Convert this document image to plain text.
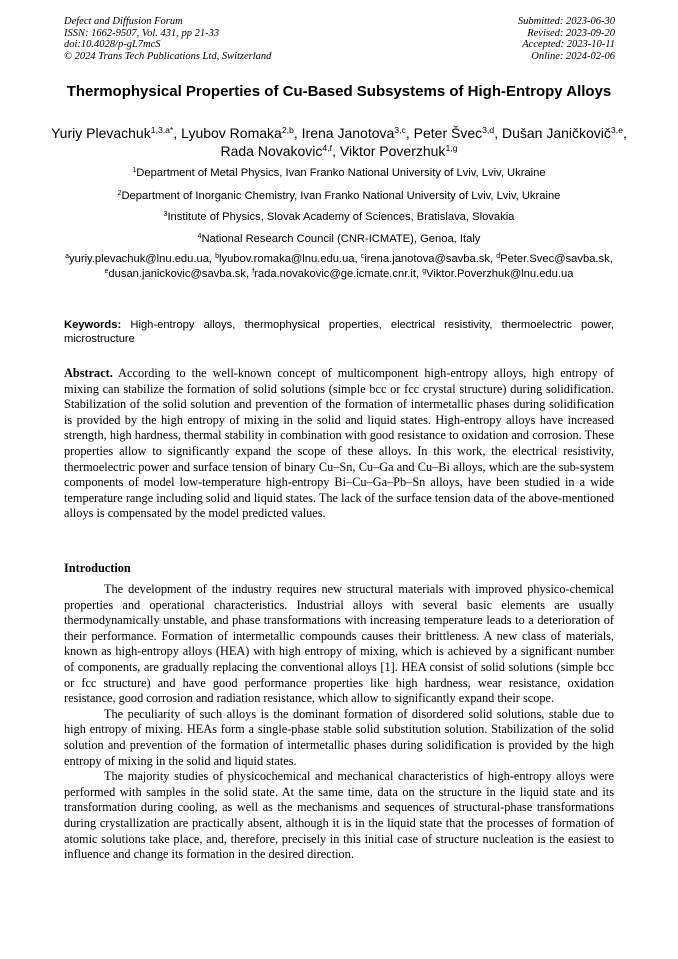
Defect and Diffusion Forum
ISSN: 1662-9507, Vol. 431, pp 21-33
doi:10.4028/p-gL7mcS
© 2024 Trans Tech Publications Ltd, Switzerland
Submitted: 2023-06-30
Revised: 2023-09-20
Accepted: 2023-10-11
Online: 2024-02-06
Thermophysical Properties of Cu-Based Subsystems of High-Entropy Alloys
Yuriy Plevachuk$^{1,3,a*}$, Lyubov Romaka$^{2,b}$, Irena Janotova$^{3,c}$, Peter Švec$^{3,d}$, Dušan Janičkovič$^{3,e}$, Rada Novakovic$^{4,f}$, Viktor Poverzhuk$^{1,g}$
$^1$Department of Metal Physics, Ivan Franko National University of Lviv, Lviv, Ukraine
$^2$Department of Inorganic Chemistry, Ivan Franko National University of Lviv, Lviv, Ukraine
$^3$Institute of Physics, Slovak Academy of Sciences, Bratislava, Slovakia
$^4$National Research Council (CNR-ICMATE), Genoa, Italy
$^a$yuriy.plevachuk@lnu.edu.ua, $^b$lyubov.romaka@lnu.edu.ua, $^c$irena.janotova@savba.sk, $^d$Peter.Svec@savba.sk, $^e$dusan.janickovic@savba.sk, $^f$rada.novakovic@ge.icmate.cnr.it, $^g$Viktor.Poverzhuk@lnu.edu.ua
Keywords: High-entropy alloys, thermophysical properties, electrical resistivity, thermoelectric power, microstructure
Abstract. According to the well-known concept of multicomponent high-entropy alloys, high entropy of mixing can stabilize the formation of solid solutions (simple bcc or fcc crystal structure) during solidification. Stabilization of the solid solution and prevention of the formation of intermetallic phases during solidification is provided by the high entropy of mixing in the solid and liquid states. High-entropy alloys have increased strength, high hardness, thermal stability in combination with good resistance to oxidation and corrosion. These properties allow to significantly expand the scope of these alloys. In this work, the electrical resistivity, thermoelectric power and surface tension of binary Cu–Sn, Cu–Ga and Cu–Bi alloys, which are the sub-system components of model low-temperature high-entropy Bi–Cu–Ga–Pb–Sn alloys, have been studied in a wide temperature range including solid and liquid states. The lack of the surface tension data of the above-mentioned alloys is compensated by the model predicted values.
Introduction

The development of the industry requires new structural materials with improved physico-chemical properties and operational characteristics. Industrial alloys with several basic elements are usually thermodynamically unstable, and phase transformations with increasing temperature leads to a deterioration of their performance. Formation of intermetallic compounds causes their brittleness. A new class of materials, known as high-entropy alloys (HEA) with high entropy of mixing, which is achieved by a significant number of components, are gradually replacing the conventional alloys [1]. HEA consist of solid solutions (simple bcc or fcc structure) and have good performance properties like high hardness, wear resistance, oxidation resistance, good corrosion and radiation resistance, which allow to significantly expand their scope.

The peculiarity of such alloys is the dominant formation of disordered solid solutions, stable due to high entropy of mixing. HEAs form a single-phase stable solid substitution solution. Stabilization of the solid solution and prevention of the formation of intermetallic phases during solidification is provided by the high entropy of mixing in the solid and liquid states.

The majority studies of physicochemical and mechanical characteristics of high-entropy alloys were performed with samples in the solid state. At the same time, data on the structure in the liquid state and its transformation during cooling, as well as the mechanisms and sequences of structural-phase transformations during crystallization are practically absent, although it is in the liquid state that the processes of formation of atomic solutions take place, and, therefore, precisely in this initial case of structure nucleation is the easiest to influence and change its formation in the desired direction.
